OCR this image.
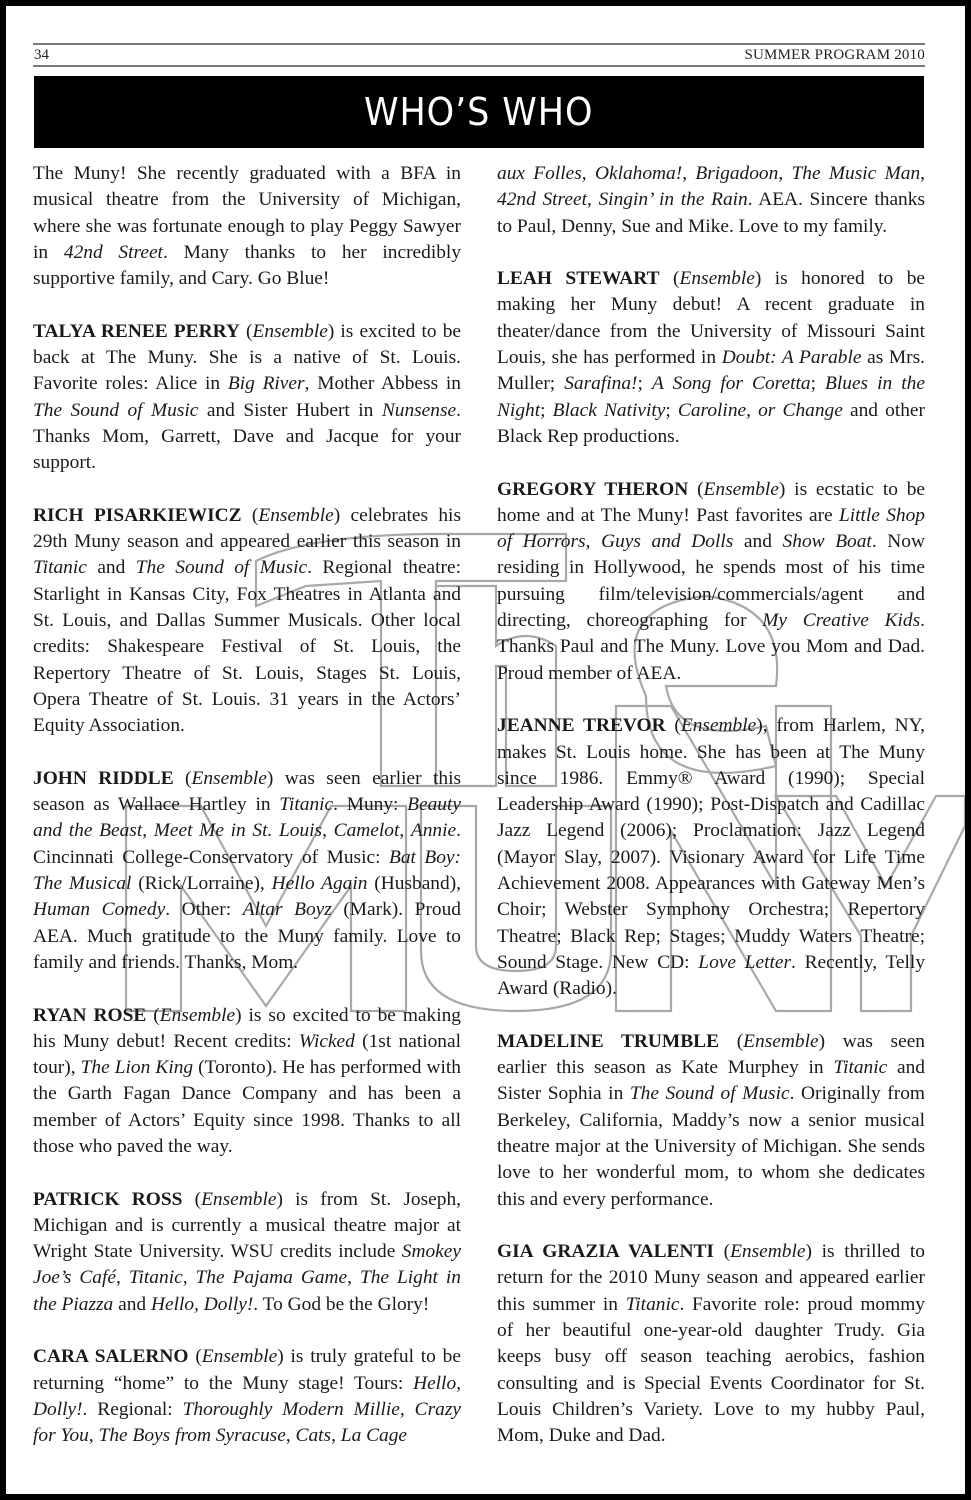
34	SUMMER PROGRAM 2010
WHO’S WHO

The Muny! She recently graduated with a BFA in musical theatre from the University of Michigan, where she was fortunate enough to play Peggy Sawyer in 42nd Street. Many thanks to her incredibly supportive family, and Cary. Go Blue!

TALYA RENEE PERRY (Ensemble) is excited to be back at The Muny. She is a native of St. Louis. Favorite roles: Alice in Big River, Mother Abbess in The Sound of Music and Sister Hubert in Nunsense. Thanks Mom, Garrett, Dave and Jacque for your support.

RICH PISARKIEWICZ (Ensemble) celebrates his 29th Muny season and appeared earlier this season in Titanic and The Sound of Music. Regional theatre: Starlight in Kansas City, Fox Theatres in Atlanta and St. Louis, and Dallas Summer Musicals. Other local credits: Shakespeare Festival of St. Louis, the Repertory Theatre of St. Louis, Stages St. Louis, Opera Theatre of St. Louis. 31 years in the Actors’ Equity Association.

JOHN RIDDLE (Ensemble) was seen earlier this season as Wallace Hartley in Titanic. Muny: Beauty and the Beast, Meet Me in St. Louis, Camelot, Annie. Cincinnati College-Conservatory of Music: Bat Boy: The Musical (Rick/Lorraine), Hello Again (Husband), Human Comedy. Other: Altar Boyz (Mark). Proud AEA. Much gratitude to the Muny family. Love to family and friends. Thanks, Mom.

RYAN ROSE (Ensemble) is so excited to be making his Muny debut! Recent credits: Wicked (1st national tour), The Lion King (Toronto). He has performed with the Garth Fagan Dance Company and has been a member of Actors’ Equity since 1998. Thanks to all those who paved the way.

PATRICK ROSS (Ensemble) is from St. Joseph, Michigan and is currently a musical theatre major at Wright State University. WSU credits include Smokey Joe’s Café, Titanic, The Pajama Game, The Light in the Piazza and Hello, Dolly!. To God be the Glory!

CARA SALERNO (Ensemble) is truly grateful to be returning “home” to the Muny stage! Tours: Hello, Dolly!. Regional: Thoroughly Modern Millie, Crazy for You, The Boys from Syracuse, Cats, La Cage

aux Folles, Oklahoma!, Brigadoon, The Music Man, 42nd Street, Singin’ in the Rain. AEA. Sincere thanks to Paul, Denny, Sue and Mike. Love to my family.

LEAH STEWART (Ensemble) is honored to be making her Muny debut! A recent graduate in theater/dance from the University of Missouri Saint Louis, she has performed in Doubt: A Parable as Mrs. Muller; Sarafina!; A Song for Coretta; Blues in the Night; Black Nativity; Caroline, or Change and other Black Rep productions.

GREGORY THERON (Ensemble) is ecstatic to be home and at The Muny! Past favorites are Little Shop of Horrors, Guys and Dolls and Show Boat. Now residing in Hollywood, he spends most of his time pursuing film/television/commercials/agent and directing, choreographing for My Creative Kids. Thanks Paul and The Muny. Love you Mom and Dad. Proud member of AEA.

JEANNE TREVOR (Ensemble), from Harlem, NY, makes St. Louis home. She has been at The Muny since 1986. Emmy® Award (1990); Special Leadership Award (1990); Post-Dispatch and Cadillac Jazz Legend (2006); Proclamation: Jazz Legend (Mayor Slay, 2007). Visionary Award for Life Time Achievement 2008. Appearances with Gateway Men’s Choir; Webster Symphony Orchestra; Repertory Theatre; Black Rep; Stages; Muddy Waters Theatre; Sound Stage. New CD: Love Letter. Recently, Telly Award (Radio).

MADELINE TRUMBLE (Ensemble) was seen earlier this season as Kate Murphey in Titanic and Sister Sophia in The Sound of Music. Originally from Berkeley, California, Maddy’s now a senior musical theatre major at the University of Michigan. She sends love to her wonderful mom, to whom she dedicates this and every performance.

GIA GRAZIA VALENTI (Ensemble) is thrilled to return for the 2010 Muny season and appeared earlier this summer in Titanic. Favorite role: proud mommy of her beautiful one-year-old daughter Trudy. Gia keeps busy off season teaching aerobics, fashion consulting and is Special Events Coordinator for St. Louis Children’s Variety. Love to my hubby Paul, Mom, Duke and Dad.
